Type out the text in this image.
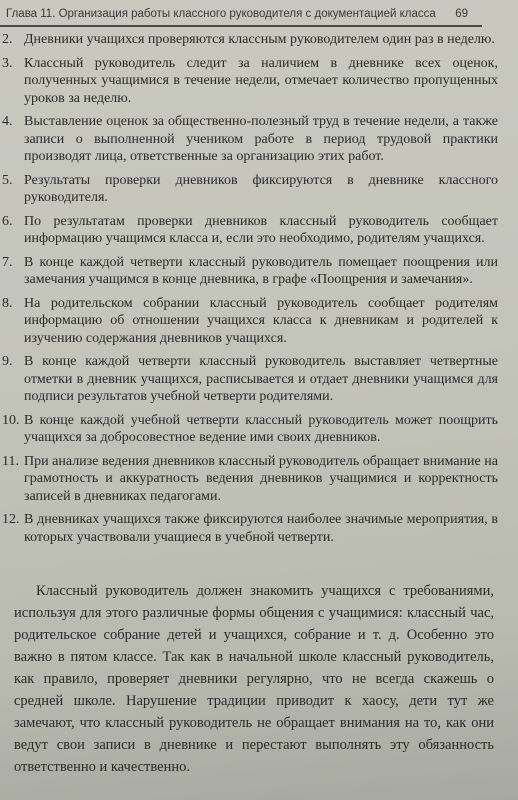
Глава 11. Организация работы классного руководителя с документацией класса 69
2. Дневники учащихся проверяются классным руководителем один раз в неделю.
3. Классный руководитель следит за наличием в дневнике всех оценок, полученных учащимися в течение недели, отмечает количество пропущенных уроков за неделю.
4. Выставление оценок за общественно-полезный труд в течение недели, а также записи о выполненной учеником работе в период трудовой практики производят лица, ответственные за организацию этих работ.
5. Результаты проверки дневников фиксируются в дневнике классного руководителя.
6. По результатам проверки дневников классный руководитель сообщает информацию учащимся класса и, если это необходимо, родителям учащихся.
7. В конце каждой четверти классный руководитель помещает поощрения или замечания учащимся в конце дневника, в графе «Поощрения и замечания».
8. На родительском собрании классный руководитель сообщает родителям информацию об отношении учащихся класса к дневникам и родителей к изучению содержания дневников учащихся.
9. В конце каждой четверти классный руководитель выставляет четвертные отметки в дневник учащихся, расписывается и отдает дневники учащимся для подписи результатов учебной четверти родителями.
10. В конце каждой учебной четверти классный руководитель может поощрить учащихся за добросовестное ведение ими своих дневников.
11. При анализе ведения дневников классный руководитель обращает внимание на грамотность и аккуратность ведения дневников учащимися и корректность записей в дневниках педагогами.
12. В дневниках учащихся также фиксируются наиболее значимые мероприятия, в которых участвовали учащиеся в учебной четверти.

Классный руководитель должен знакомить учащихся с требованиями, используя для этого различные формы общения с учащимися: классный час, родительское собрание детей и учащихся, собрание и т. д. Особенно это важно в пятом классе. Так как в начальной школе классный руководитель, как правило, проверяет дневники регулярно, что не всегда скажешь о средней школе. Нарушение традиции приводит к хаосу, дети тут же замечают, что классный руководитель не обращает внимания на то, как они ведут свои записи в дневнике и перестают выполнять эту обязанность ответственно и качественно.
